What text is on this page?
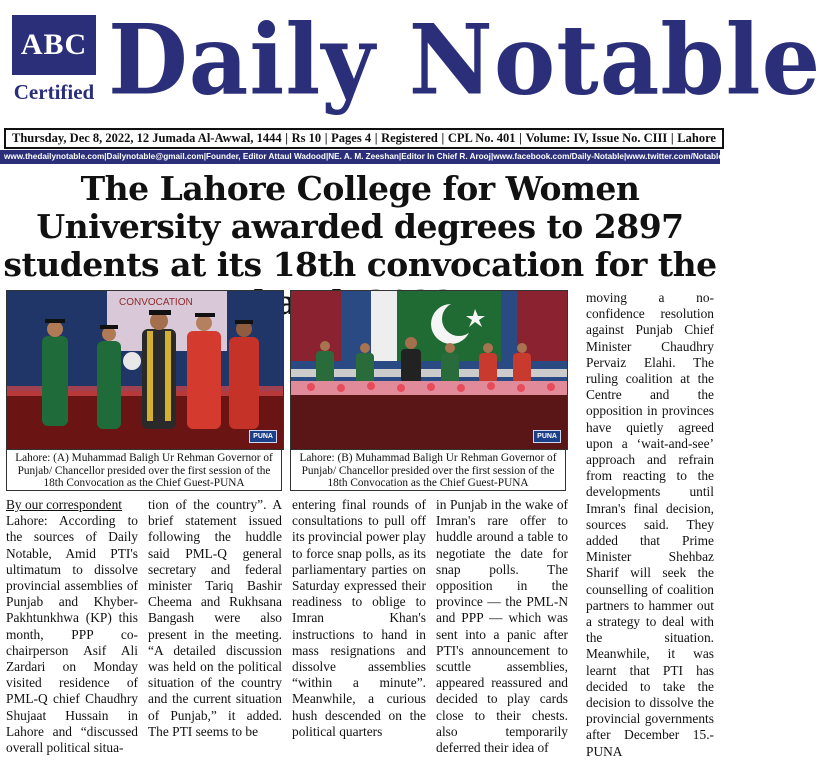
ABC
Certified Daily Notable
Thursday, Dec 8, 2022, 12 Jumada Al-Awwal, 1444 | Rs 10 | Pages 4 | Registered | CPL No. 401 | Volume: IV, Issue No. CIII | Lahore
www.thedailynotable.com | Dailynotable@gmail.com | Founder, Editor Attaul Wadood | NE. A. M. Zeeshan | Editor In Chief R. Arooj | www.facebook.com/Daily-Notable | www.twitter.com/NotableDaily
The Lahore College for Women University awarded degrees to 2897 students at its 18th convocation for the
CONVOCATION
PUNA	PUNA
Lahore: (A) Muhammad Baligh Ur Rehman Governor of Punjab/ Chancellor presided over the first session of the 18th Convocation as the Chief Guest-PUNA
Lahore: (B) Muhammad Baligh Ur Rehman Governor of Punjab/ Chancellor presided over the first session of the 18th Convocation as the Chief Guest-PUNA

By our correspondent

Lahore: According to the sources of Daily Notable, Amid PTI's ultimatum to dissolve provincial assemblies of Punjab and Khyber-Pakhtunkhwa (KP) this month, PPP co-chairperson Asif Ali Zardari on Monday visited residence of PML-Q chief Chaudhry Shujaat Hussain in Lahore and “discussed overall political situa-

tion of the country”. A brief statement issued following the huddle said PML-Q general secretary and federal minister Tariq Bashir Cheema and Rukhsana Bangash were also present in the meeting. “A detailed discussion was held on the political situation of the country and the current situation of Punjab,” it added. The PTI seems to be

entering final rounds of consultations to pull off its provincial power play to force snap polls, as its parliamentary parties on Saturday expressed their readiness to oblige to Imran Khan's instructions to hand in mass resignations and dissolve assemblies “within a minute”. Meanwhile, a curious hush descended on the political quarters

in Punjab in the wake of Imran's rare offer to huddle around a table to negotiate the date for snap polls. The opposition in the province — the PML-N and PPP — which was sent into a panic after PTI's announcement to scuttle assemblies, appeared reassured and decided to play cards close to their chests. also temporarily deferred their idea of

moving a no-confidence resolution against Punjab Chief Minister Chaudhry Pervaiz Elahi. The ruling coalition at the Centre and the opposition in provinces have quietly agreed upon a ‘wait-and-see’ approach and refrain from reacting to the developments until Imran's final decision, sources said. They added that Prime Minister Shehbaz Sharif will seek the counselling of coalition partners to hammer out a strategy to deal with the situation. Meanwhile, it was learnt that PTI has decided to take the decision to dissolve the provincial governments after December 15.-PUNA
